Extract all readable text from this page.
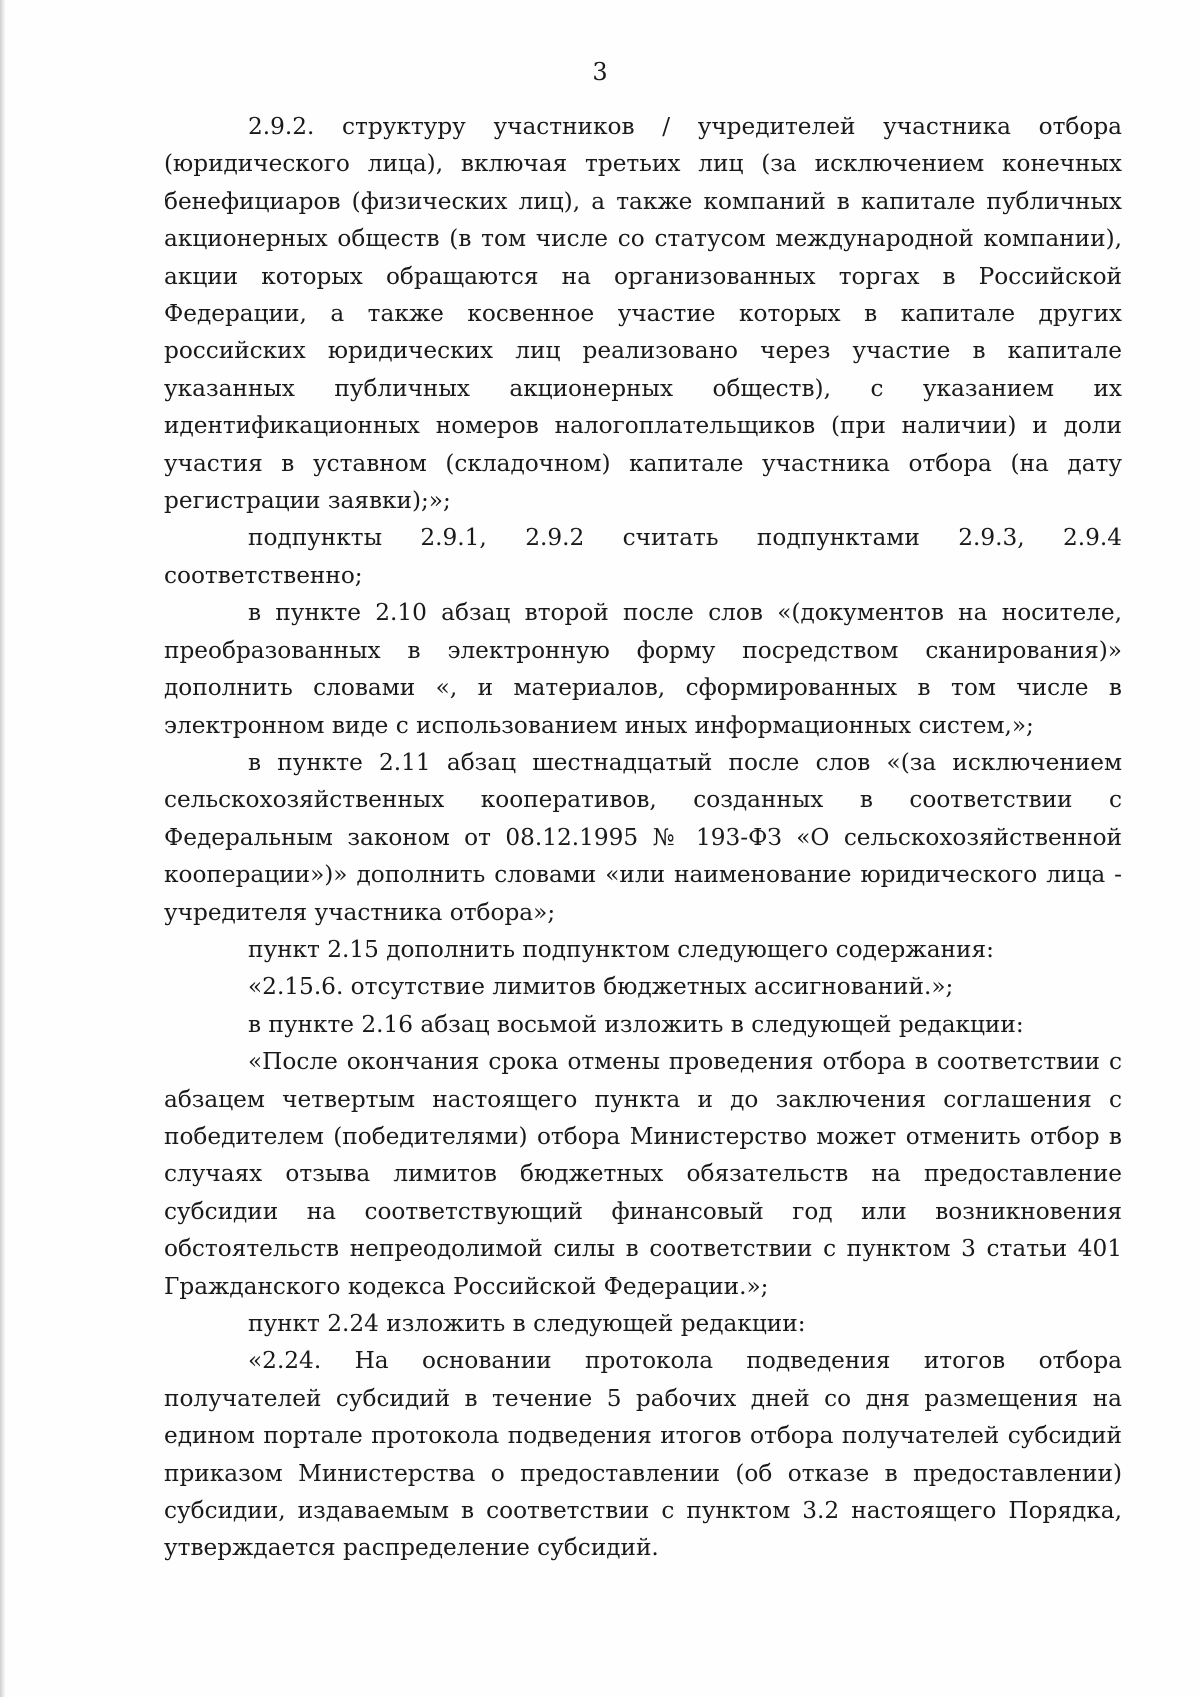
3

2.9.2. структуру участников / учредителей участника отбора (юридического лица), включая третьих лиц (за исключением конечных бенефициаров (физических лиц), а также компаний в капитале публичных акционерных обществ (в том числе со статусом международной компании), акции которых обращаются на организованных торгах в Российской Федерации, а также косвенное участие которых в капитале других российских юридических лиц реализовано через участие в капитале указанных публичных акционерных обществ), с указанием их идентификационных номеров налогоплательщиков (при наличии) и доли участия в уставном (складочном) капитале участника отбора (на дату регистрации заявки);»;

подпункты 2.9.1, 2.9.2 считать подпунктами 2.9.3, 2.9.4 соответственно;

в пункте 2.10 абзац второй после слов «(документов на носителе, преобразованных в электронную форму посредством сканирования)» дополнить словами «, и материалов, сформированных в том числе в электронном виде с использованием иных информационных систем,»;

в пункте 2.11 абзац шестнадцатый после слов «(за исключением сельскохозяйственных кооперативов, созданных в соответствии с Федеральным законом от 08.12.1995 № 193-ФЗ «О сельскохозяйственной кооперации»)» дополнить словами «или наименование юридического лица - учредителя участника отбора»;

пункт 2.15 дополнить подпунктом следующего содержания:

«2.15.6. отсутствие лимитов бюджетных ассигнований.»;

в пункте 2.16 абзац восьмой изложить в следующей редакции:

«После окончания срока отмены проведения отбора в соответствии с абзацем четвертым настоящего пункта и до заключения соглашения с победителем (победителями) отбора Министерство может отменить отбор в случаях отзыва лимитов бюджетных обязательств на предоставление субсидии на соответствующий финансовый год или возникновения обстоятельств непреодолимой силы в соответствии с пунктом 3 статьи 401 Гражданского кодекса Российской Федерации.»;

пункт 2.24 изложить в следующей редакции:

«2.24. На основании протокола подведения итогов отбора получателей субсидий в течение 5 рабочих дней со дня размещения на едином портале протокола подведения итогов отбора получателей субсидий приказом Министерства о предоставлении (об отказе в предоставлении) субсидии, издаваемым в соответствии с пунктом 3.2 настоящего Порядка, утверждается распределение субсидий.
